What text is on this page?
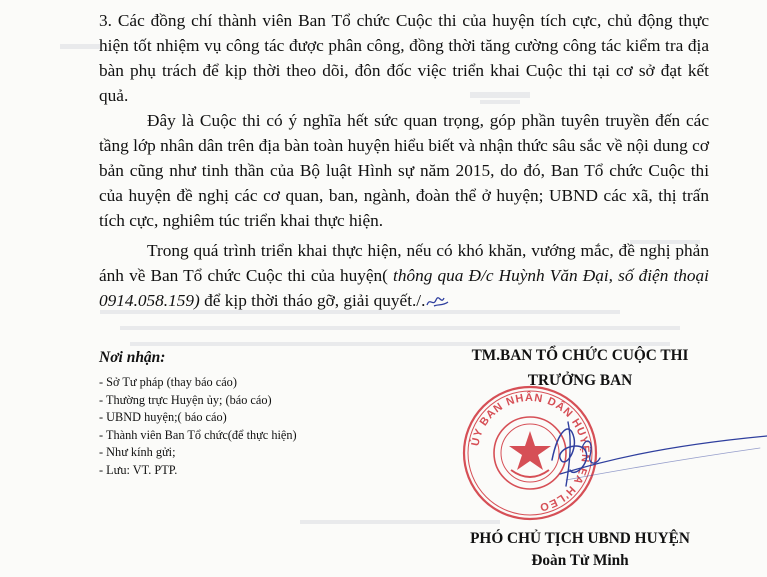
3. Các đồng chí thành viên Ban Tổ chức Cuộc thi của huyện tích cực, chủ động thực hiện tốt nhiệm vụ công tác được phân công, đồng thời tăng cường công tác kiểm tra địa bàn phụ trách để kịp thời theo dõi, đôn đốc việc triển khai Cuộc thi tại cơ sở đạt kết quả.

Đây là Cuộc thi có ý nghĩa hết sức quan trọng, góp phần tuyên truyền đến các tầng lớp nhân dân trên địa bàn toàn huyện hiểu biết và nhận thức sâu sắc về nội dung cơ bản cũng như tinh thần của Bộ luật Hình sự năm 2015, do đó, Ban Tổ chức Cuộc thi của huyện đề nghị các cơ quan, ban, ngành, đoàn thể ở huyện; UBND các xã, thị trấn tích cực, nghiêm túc triển khai thực hiện.

Trong quá trình triển khai thực hiện, nếu có khó khăn, vướng mắc, đề nghị phản ánh về Ban Tổ chức Cuộc thi của huyện( thông qua Đ/c Huỳnh Văn Đại, số điện thoại 0914.058.159) để kịp thời tháo gỡ, giải quyết./.

Nơi nhận:

- Sở Tư pháp (thay báo cáo)
- Thường trực Huyện ủy; (báo cáo)
- UBND huyện;( báo cáo)
- Thành viên Ban Tổ chức(để thực hiện)
- Như kính gửi;
- Lưu: VT. PTP.
TM.BAN TỔ CHỨC CUỘC THI
TRƯỞNG BAN
ỦY BAN NHÂN DÂN HUYỆN EA H'LEO
PHÓ CHỦ TỊCH UBND HUYỆN
Đoàn Tử Minh
